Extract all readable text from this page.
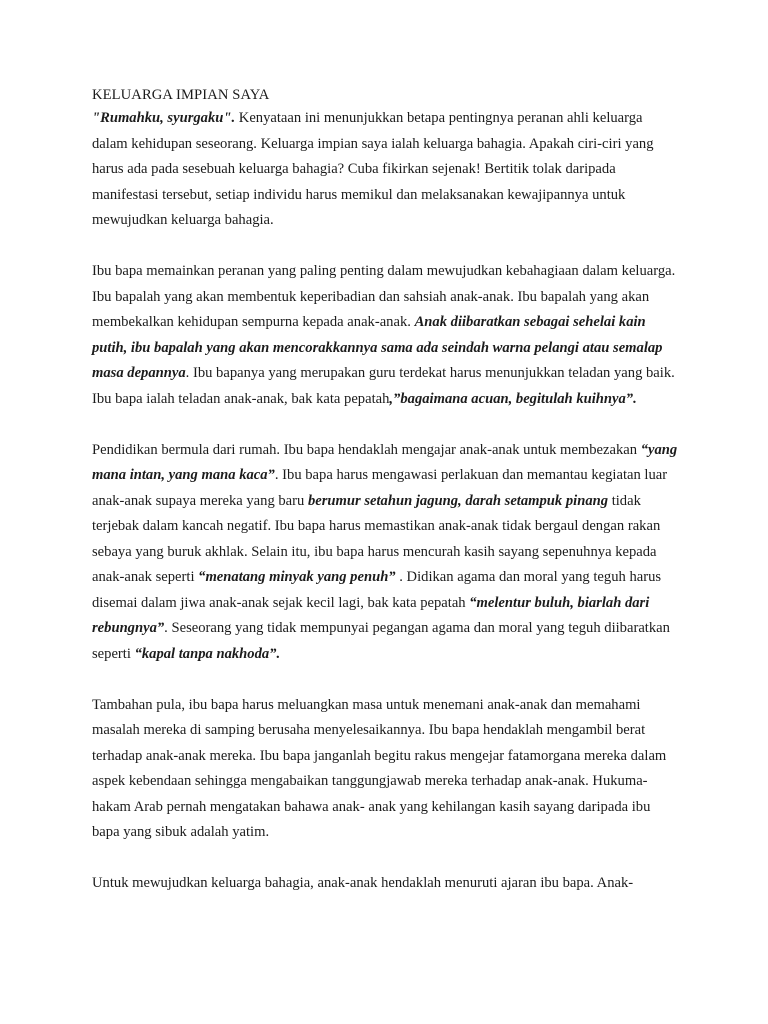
KELUARGA IMPIAN SAYA

"Rumahku, syurgaku". Kenyataan ini menunjukkan betapa pentingnya peranan ahli keluarga dalam kehidupan seseorang. Keluarga impian saya ialah keluarga bahagia. Apakah ciri-ciri yang harus ada pada sesebuah keluarga bahagia? Cuba fikirkan sejenak! Bertitik tolak daripada manifestasi tersebut, setiap individu harus memikul dan melaksanakan kewajipannya untuk mewujudkan keluarga bahagia.

Ibu bapa memainkan peranan yang paling penting dalam mewujudkan kebahagiaan dalam keluarga. Ibu bapalah yang akan membentuk keperibadian dan sahsiah anak-anak. Ibu bapalah yang akan membekalkan kehidupan sempurna kepada anak-anak. Anak diibaratkan sebagai sehelai kain putih, ibu bapalah yang akan mencorakkannya sama ada seindah warna pelangi atau semalap masa depannya. Ibu bapanya yang merupakan guru terdekat harus menunjukkan teladan yang baik. Ibu bapa ialah teladan anak-anak, bak kata pepatah,”bagaimana acuan, begitulah kuihnya”.

Pendidikan bermula dari rumah. Ibu bapa hendaklah mengajar anak-anak untuk membezakan “yang mana intan, yang mana kaca”. Ibu bapa harus mengawasi perlakuan dan memantau kegiatan luar anak-anak supaya mereka yang baru berumur setahun jagung, darah setampuk pinang tidak terjebak dalam kancah negatif. Ibu bapa harus memastikan anak-anak tidak bergaul dengan rakan sebaya yang buruk akhlak. Selain itu, ibu bapa harus mencurah kasih sayang sepenuhnya kepada anak-anak seperti “menatang minyak yang penuh” . Didikan agama dan moral yang teguh harus disemai dalam jiwa anak-anak sejak kecil lagi, bak kata pepatah “melentur buluh, biarlah dari rebungnya”. Seseorang yang tidak mempunyai pegangan agama dan moral yang teguh diibaratkan seperti “kapal tanpa nakhoda”.

Tambahan pula, ibu bapa harus meluangkan masa untuk menemani anak-anak dan memahami masalah mereka di samping berusaha menyelesaikannya. Ibu bapa hendaklah mengambil berat terhadap anak-anak mereka. Ibu bapa janganlah begitu rakus mengejar fatamorgana mereka dalam aspek kebendaan sehingga mengabaikan tanggungjawab mereka terhadap anak-anak. Hukuma-hakam Arab pernah mengatakan bahawa anak- anak yang kehilangan kasih sayang daripada ibu bapa yang sibuk adalah yatim.

Untuk mewujudkan keluarga bahagia, anak-anak hendaklah menuruti ajaran ibu bapa. Anak-
